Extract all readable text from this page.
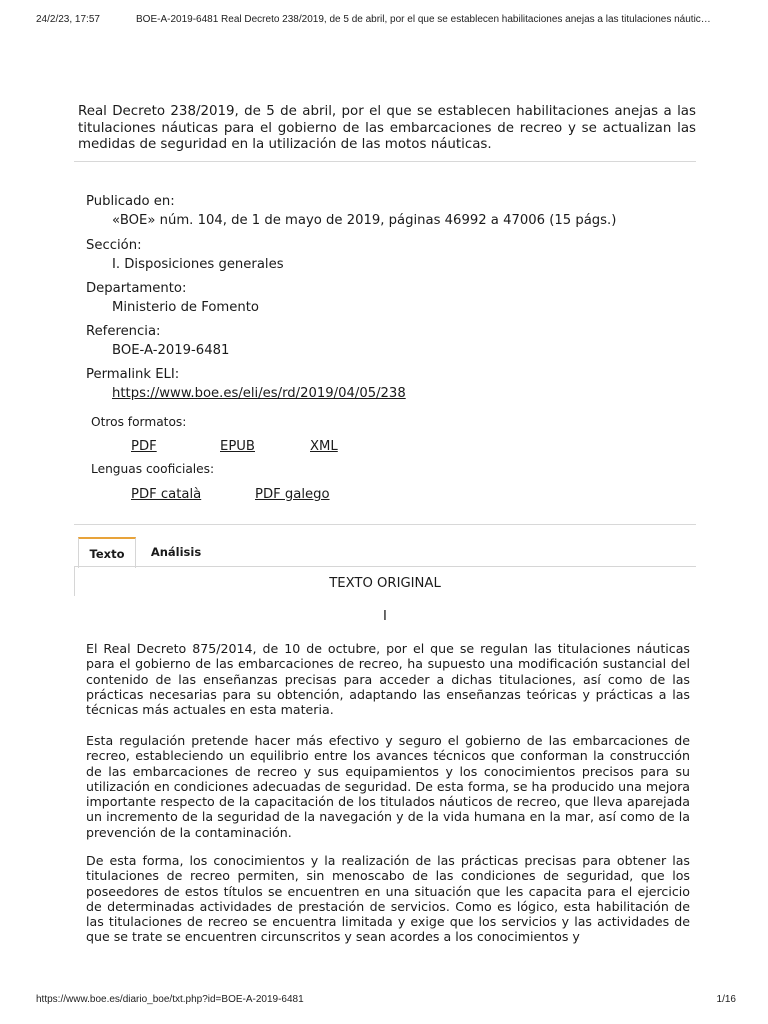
24/2/23, 17:57	BOE-A-2019-6481 Real Decreto 238/2019, de 5 de abril, por el que se establecen habilitaciones anejas a las titulaciones náutic…
Real Decreto 238/2019, de 5 de abril, por el que se establecen habilitaciones anejas a las titulaciones náuticas para el gobierno de las embarcaciones de recreo y se actualizan las medidas de seguridad en la utilización de las motos náuticas.
Publicado en:
«BOE» núm. 104, de 1 de mayo de 2019, páginas 46992 a 47006 (15 págs.)
Sección:
I. Disposiciones generales
Departamento:
Ministerio de Fomento
Referencia:
BOE-A-2019-6481
Permalink ELI:
https://www.boe.es/eli/es/rd/2019/04/05/238
Otros formatos:
PDF	EPUB	XML
Lenguas cooficiales:
PDF català	PDF galego
Texto	Análisis
TEXTO ORIGINAL
I

El Real Decreto 875/2014, de 10 de octubre, por el que se regulan las titulaciones náuticas para el gobierno de las embarcaciones de recreo, ha supuesto una modificación sustancial del contenido de las enseñanzas precisas para acceder a dichas titulaciones, así como de las prácticas necesarias para su obtención, adaptando las enseñanzas teóricas y prácticas a las técnicas más actuales en esta materia.

Esta regulación pretende hacer más efectivo y seguro el gobierno de las embarcaciones de recreo, estableciendo un equilibrio entre los avances técnicos que conforman la construcción de las embarcaciones de recreo y sus equipamientos y los conocimientos precisos para su utilización en condiciones adecuadas de seguridad. De esta forma, se ha producido una mejora importante respecto de la capacitación de los titulados náuticos de recreo, que lleva aparejada un incremento de la seguridad de la navegación y de la vida humana en la mar, así como de la prevención de la contaminación.

De esta forma, los conocimientos y la realización de las prácticas precisas para obtener las titulaciones de recreo permiten, sin menoscabo de las condiciones de seguridad, que los poseedores de estos títulos se encuentren en una situación que les capacita para el ejercicio de determinadas actividades de prestación de servicios. Como es lógico, esta habilitación de las titulaciones de recreo se encuentra limitada y exige que los servicios y las actividades de que se trate se encuentren circunscritos y sean acordes a los conocimientos y

https://www.boe.es/diario_boe/txt.php?id=BOE-A-2019-6481	1/16
